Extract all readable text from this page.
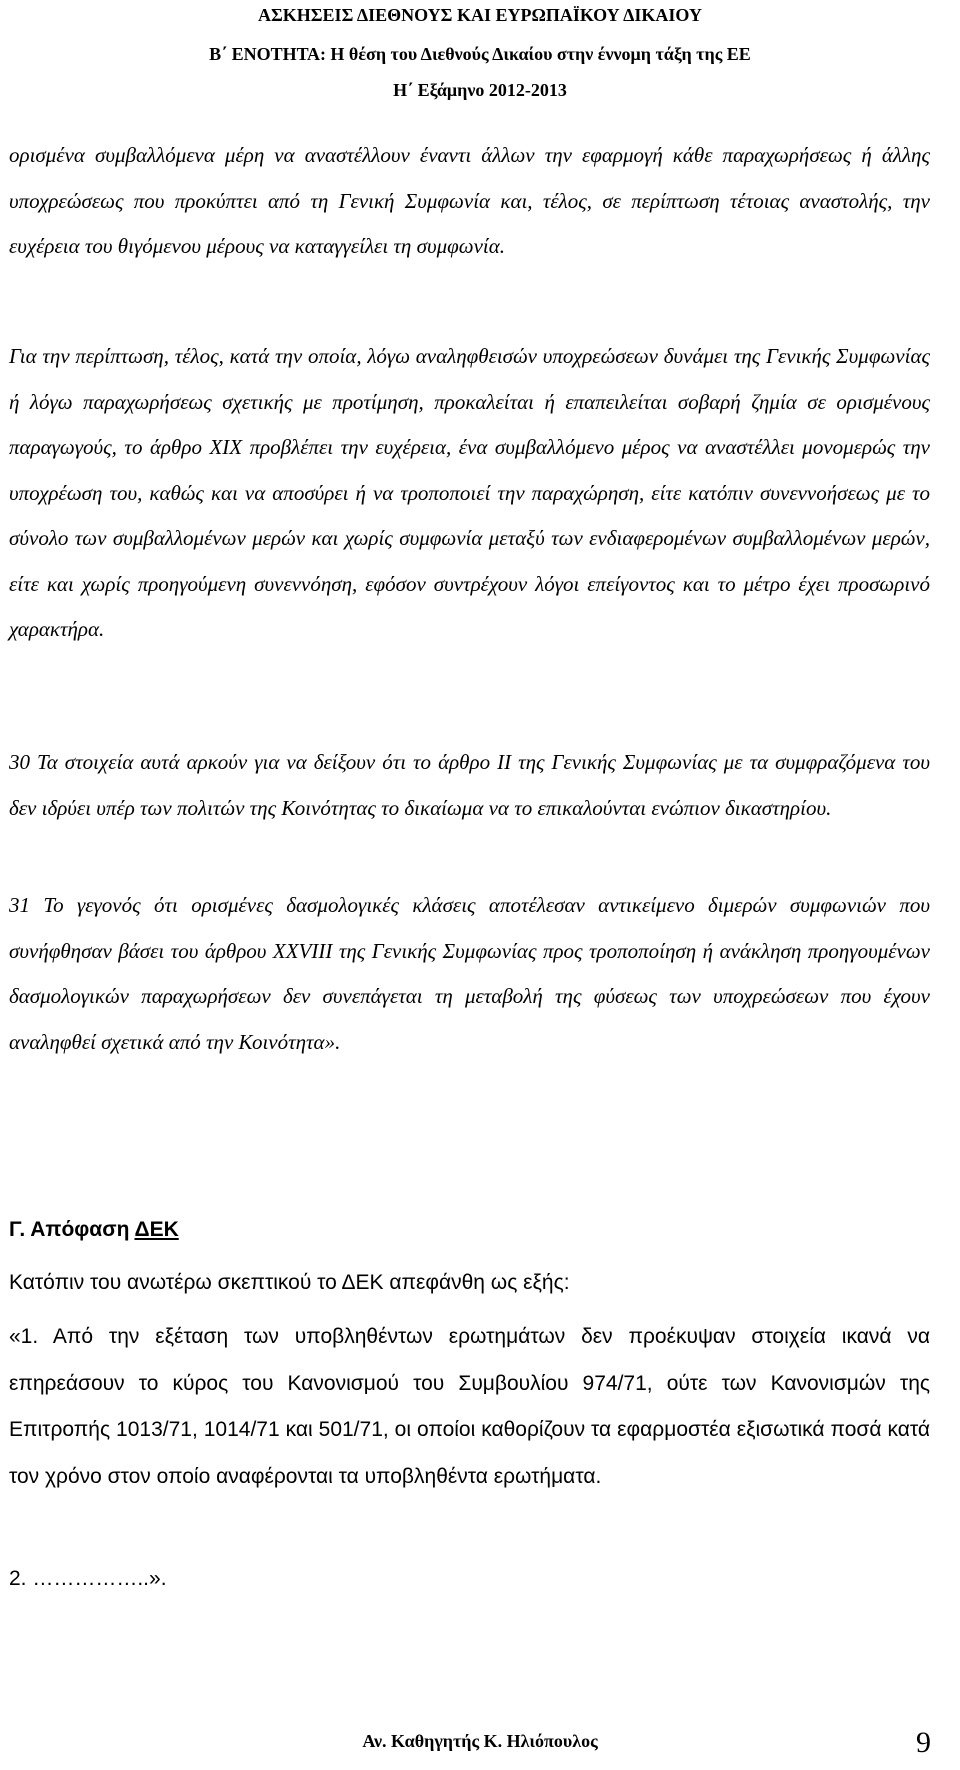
ΑΣΚΗΣΕΙΣ ΔΙΕΘΝΟΥΣ ΚΑΙ ΕΥΡΩΠΑΪΚΟΥ ΔΙΚΑΙΟΥ
Β΄ ΕΝΟΤΗΤΑ: Η θέση του Διεθνούς Δικαίου στην έννομη τάξη της ΕΕ
Η΄ Εξάμηνο 2012-2013

ορισμένα συμβαλλόμενα μέρη να αναστέλλουν έναντι άλλων την εφαρμογή κάθε παραχωρήσεως ή άλλης υποχρεώσεως που προκύπτει από τη Γενική Συμφωνία και, τέλος, σε περίπτωση τέτοιας αναστολής, την ευχέρεια του θιγόμενου μέρους να καταγγείλει τη συμφωνία.

Για την περίπτωση, τέλος, κατά την οποία, λόγω αναληφθεισών υποχρεώσεων δυνάμει της Γενικής Συμφωνίας ή λόγω παραχωρήσεως σχετικής με προτίμηση, προκαλείται ή επαπειλείται σοβαρή ζημία σε ορισμένους παραγωγούς, το άρθρο XIX προβλέπει την ευχέρεια, ένα συμβαλλόμενο μέρος να αναστέλλει μονομερώς την υποχρέωση του, καθώς και να αποσύρει ή να τροποποιεί την παραχώρηση, είτε κατόπιν συνεννοήσεως με το σύνολο των συμβαλλομένων μερών και χωρίς συμφωνία μεταξύ των ενδιαφερομένων συμβαλλομένων μερών, είτε και χωρίς προηγούμενη συνεννόηση, εφόσον συντρέχουν λόγοι επείγοντος και το μέτρο έχει προσωρινό χαρακτήρα.

30 Τα στοιχεία αυτά αρκούν για να δείξουν ότι το άρθρο ΙΙ της Γενικής Συμφωνίας με τα συμφραζόμενα του δεν ιδρύει υπέρ των πολιτών της Κοινότητας το δικαίωμα να το επικαλούνται ενώπιον δικαστηρίου.

31 Το γεγονός ότι ορισμένες δασμολογικές κλάσεις αποτέλεσαν αντικείμενο διμερών συμφωνιών που συνήφθησαν βάσει του άρθρου XXVIII της Γενικής Συμφωνίας προς τροποποίηση ή ανάκληση προηγουμένων δασμολογικών παραχωρήσεων δεν συνεπάγεται τη μεταβολή της φύσεως των υποχρεώσεων που έχουν αναληφθεί σχετικά από την Κοινότητα».

Γ. Απόφαση ΔΕΚ

Κατόπιν του ανωτέρω σκεπτικού το ΔΕΚ απεφάνθη ως εξής:

«1. Από την εξέταση των υποβληθέντων ερωτημάτων δεν προέκυψαν στοιχεία ικανά να επηρεάσουν το κύρος του Κανονισμού του Συμβουλίου 974/71, ούτε των Κανονισμών της Επιτροπής 1013/71, 1014/71 και 501/71, οι οποίοι καθορίζουν τα εφαρμοστέα εξισωτικά ποσά κατά τον χρόνο στον οποίο αναφέρονται τα υποβληθέντα ερωτήματα.

2. ……………..».

Αν. Καθηγητής Κ. Ηλιόπουλος	9
